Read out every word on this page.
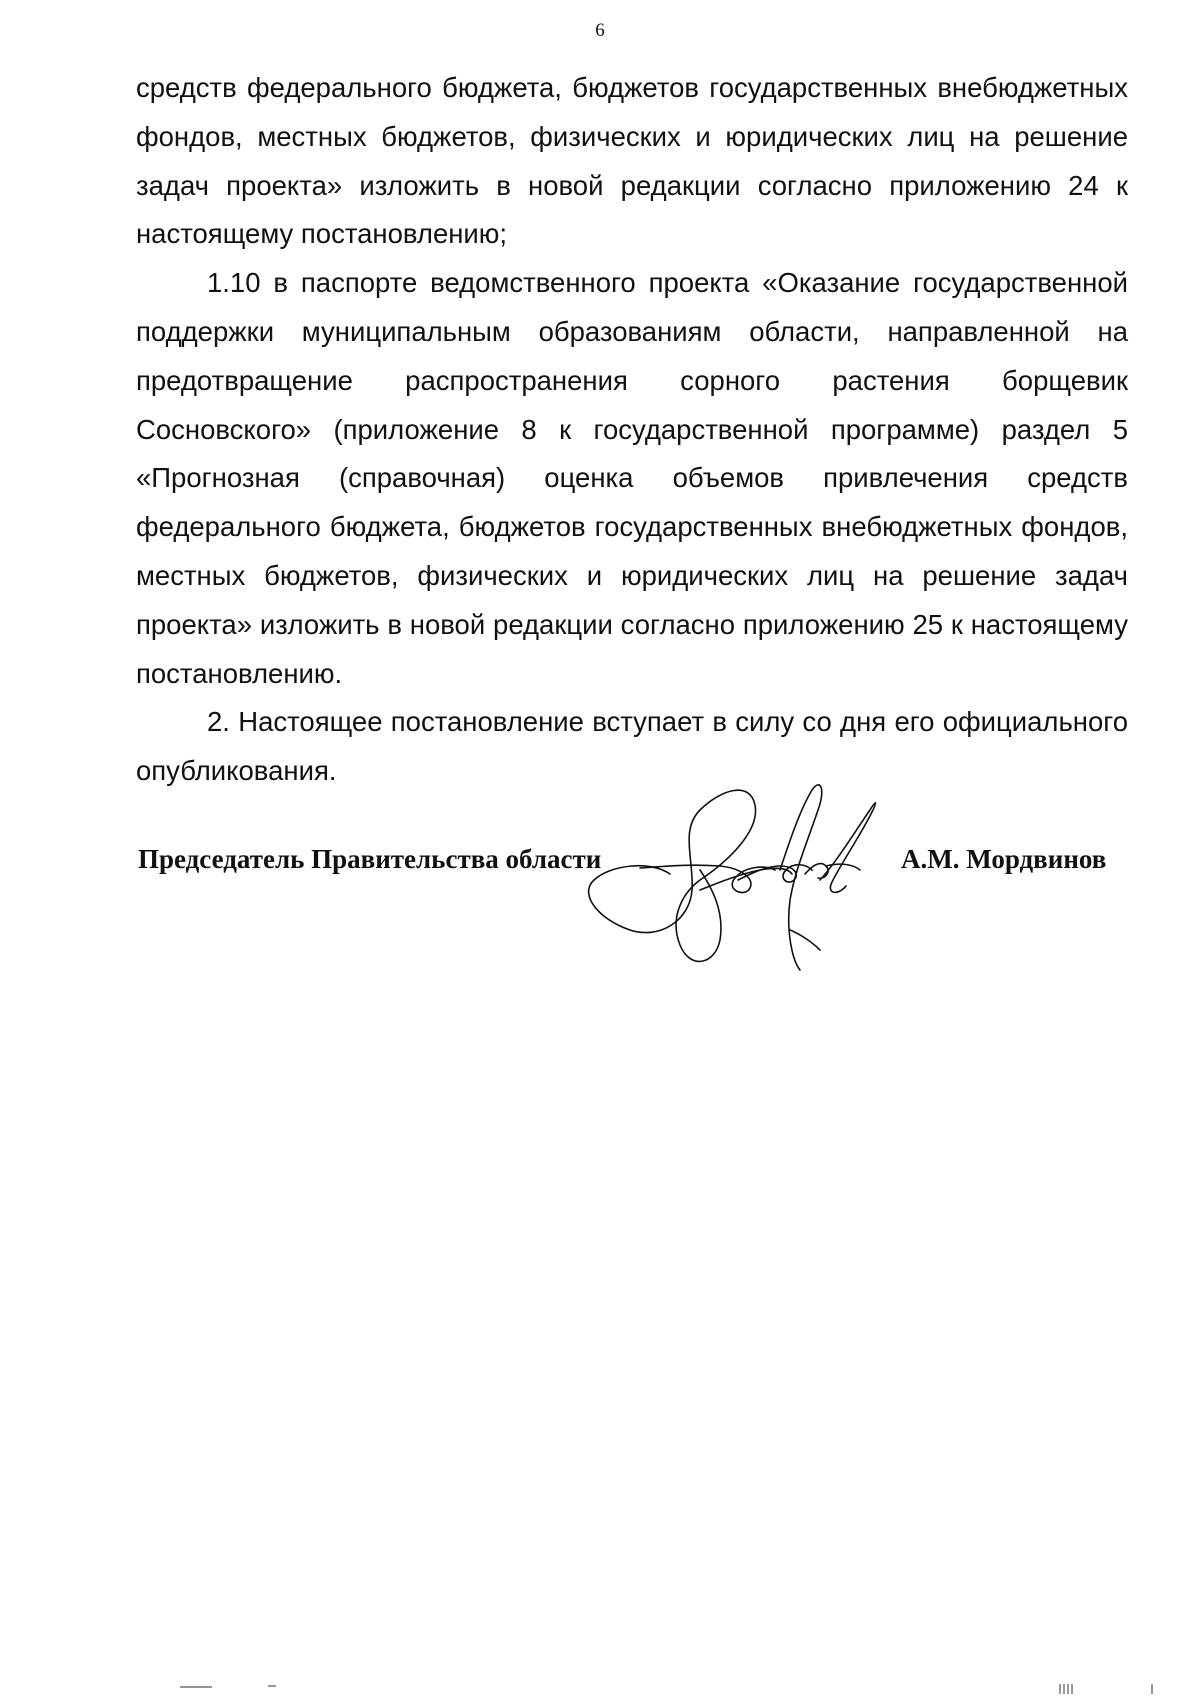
6

средств федерального бюджета, бюджетов государственных внебюджетных фондов, местных бюджетов, физических и юридических лиц на решение задач проекта» изложить в новой редакции согласно приложению 24 к настоящему постановлению;

1.10 в паспорте ведомственного проекта «Оказание государственной поддержки муниципальным образованиям области, направленной на предотвращение распространения сорного растения борщевик Сосновского» (приложение 8 к государственной программе) раздел 5 «Прогнозная (справочная) оценка объемов привлечения средств федерального бюджета, бюджетов государственных внебюджетных фондов, местных бюджетов, физических и юридических лиц на решение задач проекта» изложить в новой редакции согласно приложению 25 к настоящему постановлению.

2. Настоящее постановление вступает в силу со дня его официального опубликования.

Председатель Правительства области	А.М. Мордвинов
